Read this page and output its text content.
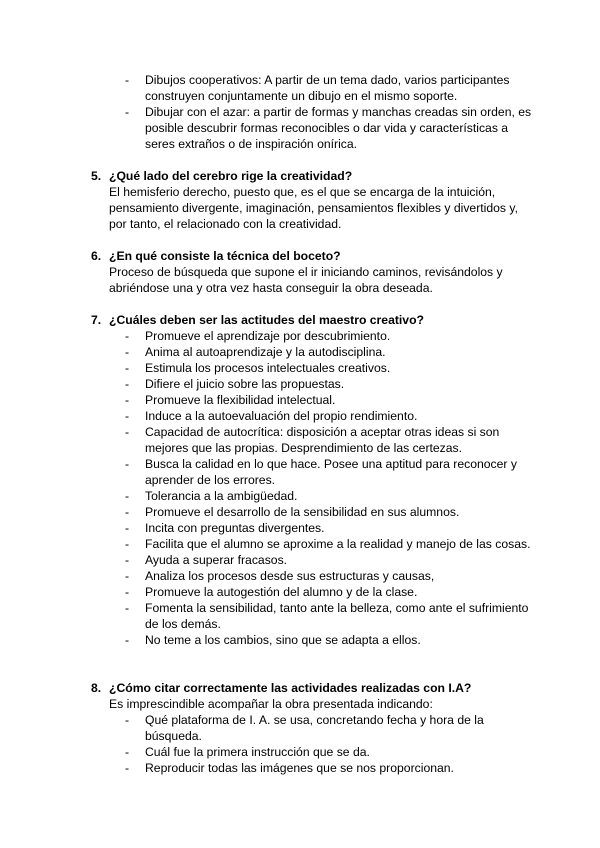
- Dibujos cooperativos: A partir de un tema dado, varios participantes construyen conjuntamente un dibujo en el mismo soporte.
- Dibujar con el azar: a partir de formas y manchas creadas sin orden, es posible descubrir formas reconocibles o dar vida y características a seres extraños o de inspiración onírica.
5. ¿Qué lado del cerebro rige la creatividad?
El hemisferio derecho, puesto que, es el que se encarga de la intuición, pensamiento divergente, imaginación, pensamientos flexibles y divertidos y, por tanto, el relacionado con la creatividad.
6. ¿En qué consiste la técnica del boceto?
Proceso de búsqueda que supone el ir iniciando caminos, revisándolos y abriéndose una y otra vez hasta conseguir la obra deseada.
7. ¿Cuáles deben ser las actitudes del maestro creativo?
- Promueve el aprendizaje por descubrimiento.
- Anima al autoaprendizaje y la autodisciplina.
- Estimula los procesos intelectuales creativos.
- Difiere el juicio sobre las propuestas.
- Promueve la flexibilidad intelectual.
- Induce a la autoevaluación del propio rendimiento.
- Capacidad de autocrítica: disposición a aceptar otras ideas si son mejores que las propias. Desprendimiento de las certezas.
- Busca la calidad en lo que hace. Posee una aptitud para reconocer y aprender de los errores.
- Tolerancia a la ambigüedad.
- Promueve el desarrollo de la sensibilidad en sus alumnos.
- Incita con preguntas divergentes.
- Facilita que el alumno se aproxime a la realidad y manejo de las cosas.
- Ayuda a superar fracasos.
- Analiza los procesos desde sus estructuras y causas,
- Promueve la autogestión del alumno y de la clase.
- Fomenta la sensibilidad, tanto ante la belleza, como ante el sufrimiento de los demás.
- No teme a los cambios, sino que se adapta a ellos.
8. ¿Cómo citar correctamente las actividades realizadas con I.A?
Es imprescindible acompañar la obra presentada indicando:
- Qué plataforma de I. A. se usa, concretando fecha y hora de la búsqueda.
- Cuál fue la primera instrucción que se da.
- Reproducir todas las imágenes que se nos proporcionan.
